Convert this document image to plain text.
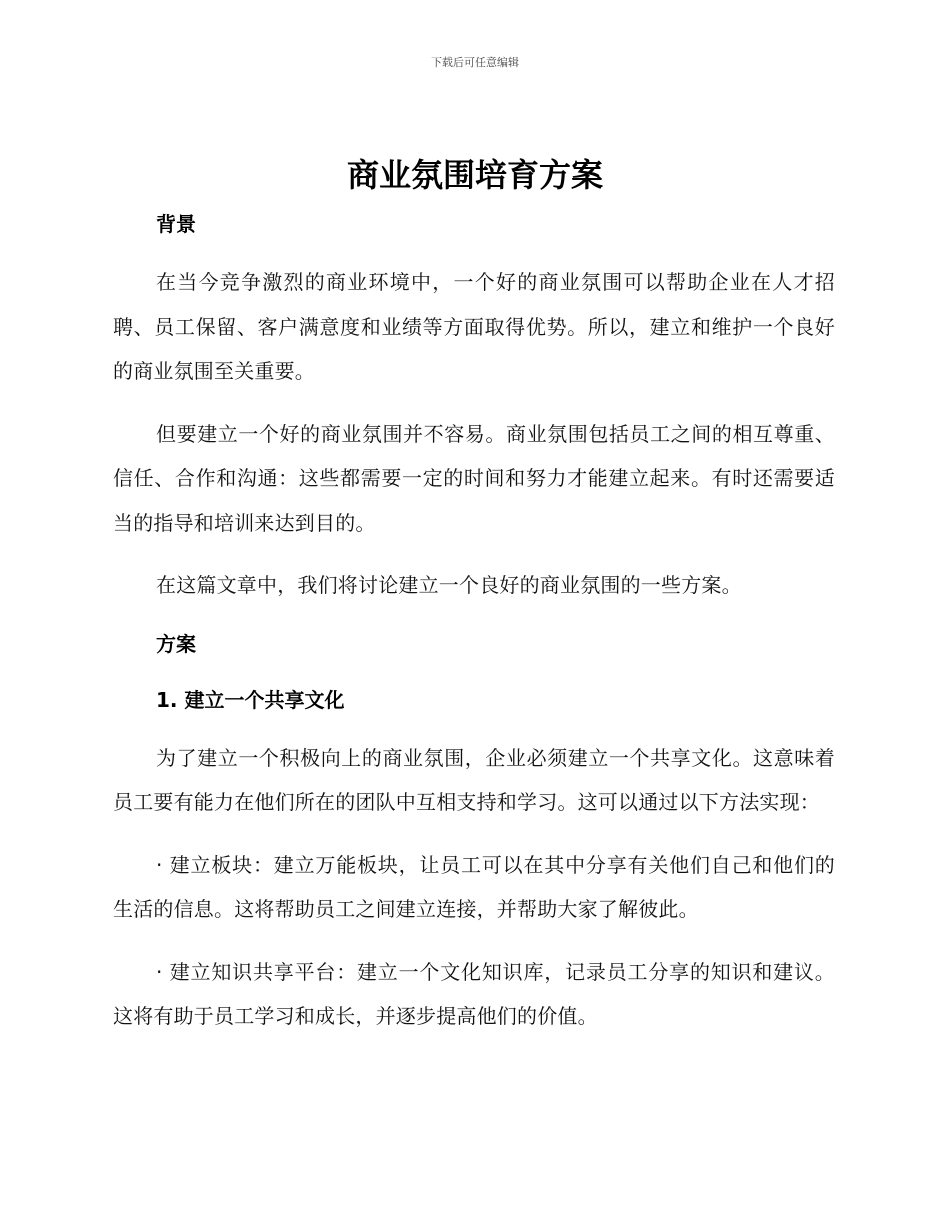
下载后可任意编辑
商业氛围培育方案
背景

在当今竞争激烈的商业环境中，一个好的商业氛围可以帮助企业在人才招聘、员工保留、客户满意度和业绩等方面取得优势。所以，建立和维护一个良好的商业氛围至关重要。

但要建立一个好的商业氛围并不容易。商业氛围包括员工之间的相互尊重、信任、合作和沟通：这些都需要一定的时间和努力才能建立起来。有时还需要适当的指导和培训来达到目的。

在这篇文章中，我们将讨论建立一个良好的商业氛围的一些方案。

方案
1. 建立一个共享文化

为了建立一个积极向上的商业氛围，企业必须建立一个共享文化。这意味着员工要有能力在他们所在的团队中互相支持和学习。这可以通过以下方法实现：

· 建立板块：建立万能板块，让员工可以在其中分享有关他们自己和他们的生活的信息。这将帮助员工之间建立连接，并帮助大家了解彼此。

· 建立知识共享平台：建立一个文化知识库，记录员工分享的知识和建议。这将有助于员工学习和成长，并逐步提高他们的价值。
